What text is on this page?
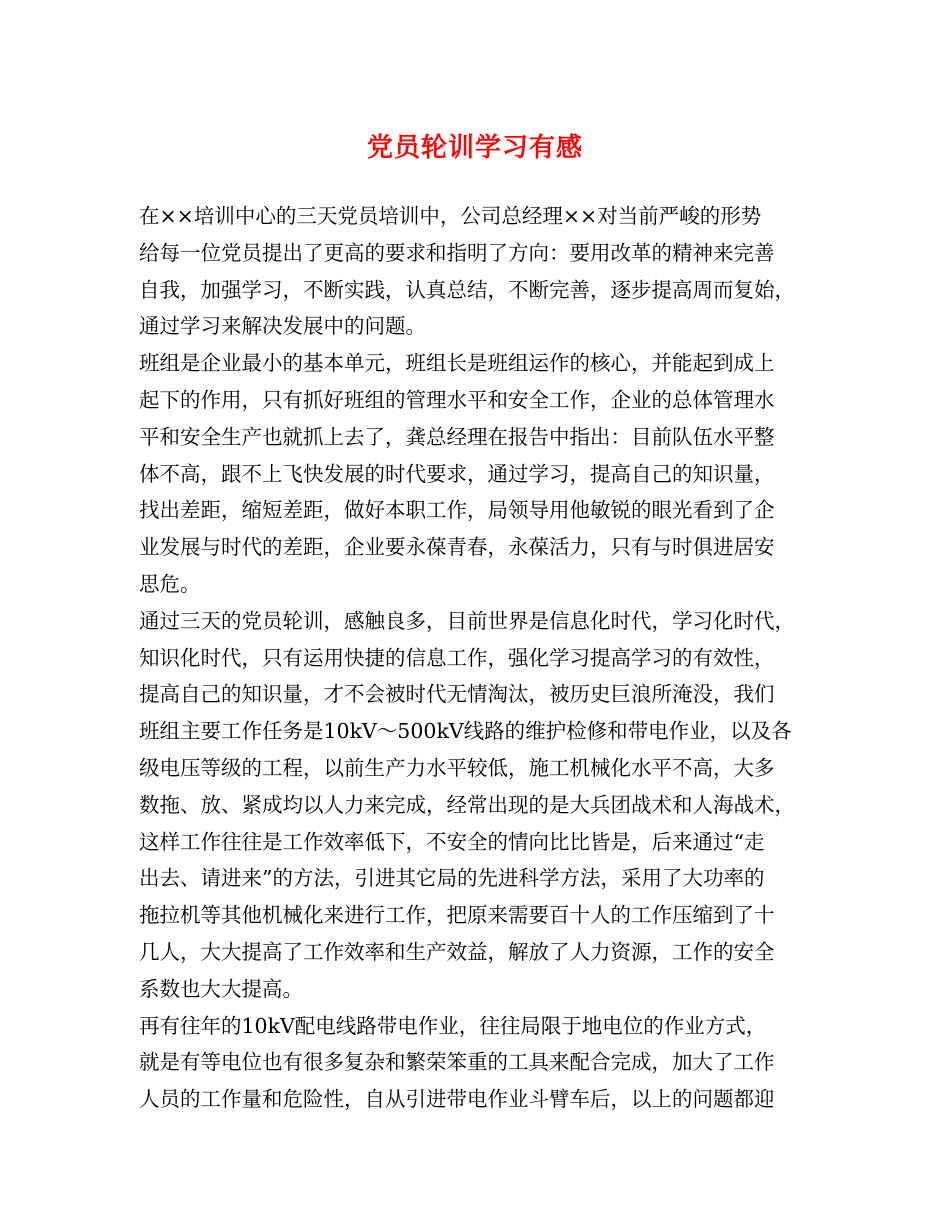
党员轮训学习有感
在××培训中心的三天党员培训中，公司总经理××对当前严峻的形势
给每一位党员提出了更高的要求和指明了方向：要用改革的精神来完善
自我，加强学习，不断实践，认真总结，不断完善，逐步提高周而复始，
通过学习来解决发展中的问题。
班组是企业最小的基本单元，班组长是班组运作的核心，并能起到成上
起下的作用，只有抓好班组的管理水平和安全工作，企业的总体管理水
平和安全生产也就抓上去了，龚总经理在报告中指出：目前队伍水平整
体不高，跟不上飞快发展的时代要求，通过学习，提高自己的知识量，
找出差距，缩短差距，做好本职工作，局领导用他敏锐的眼光看到了企
业发展与时代的差距，企业要永葆青春，永葆活力，只有与时俱进居安
思危。
通过三天的党员轮训，感触良多，目前世界是信息化时代，学习化时代，
知识化时代，只有运用快捷的信息工作，强化学习提高学习的有效性，
提高自己的知识量，才不会被时代无情淘汰，被历史巨浪所淹没，我们
班组主要工作任务是10kV～500kV线路的维护检修和带电作业，以及各
级电压等级的工程，以前生产力水平较低，施工机械化水平不高，大多
数拖、放、紧成均以人力来完成，经常出现的是大兵团战术和人海战术，
这样工作往往是工作效率低下，不安全的情向比比皆是，后来通过“走
出去、请进来”的方法，引进其它局的先进科学方法，采用了大功率的
拖拉机等其他机械化来进行工作，把原来需要百十人的工作压缩到了十
几人，大大提高了工作效率和生产效益，解放了人力资源，工作的安全
系数也大大提高。
再有往年的10kV配电线路带电作业，往往局限于地电位的作业方式，
就是有等电位也有很多复杂和繁荣笨重的工具来配合完成，加大了工作
人员的工作量和危险性，自从引进带电作业斗臂车后，以上的问题都迎
